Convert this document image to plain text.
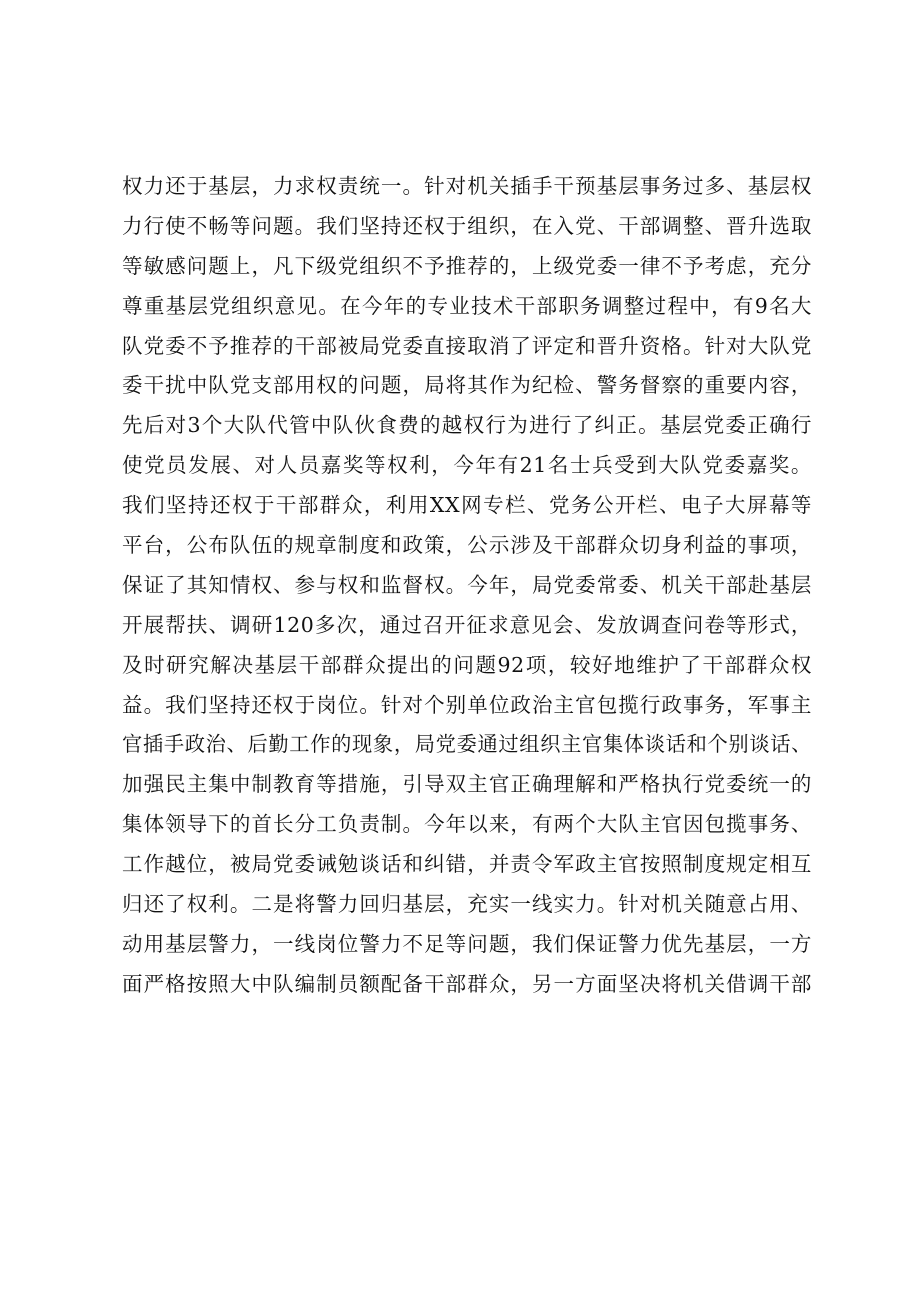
权力还于基层，力求权责统一。针对机关插手干预基层事务过多、基层权
力行使不畅等问题。我们坚持还权于组织，在入党、干部调整、晋升选取
等敏感问题上，凡下级党组织不予推荐的，上级党委一律不予考虑，充分
尊重基层党组织意见。在今年的专业技术干部职务调整过程中，有9名大
队党委不予推荐的干部被局党委直接取消了评定和晋升资格。针对大队党
委干扰中队党支部用权的问题，局将其作为纪检、警务督察的重要内容，
先后对3个大队代管中队伙食费的越权行为进行了纠正。基层党委正确行
使党员发展、对人员嘉奖等权利，今年有21名士兵受到大队党委嘉奖。
我们坚持还权于干部群众，利用XX网专栏、党务公开栏、电子大屏幕等
平台，公布队伍的规章制度和政策，公示涉及干部群众切身利益的事项，
保证了其知情权、参与权和监督权。今年，局党委常委、机关干部赴基层
开展帮扶、调研120多次，通过召开征求意见会、发放调查问卷等形式，
及时研究解决基层干部群众提出的问题92项，较好地维护了干部群众权
益。我们坚持还权于岗位。针对个别单位政治主官包揽行政事务，军事主
官插手政治、后勤工作的现象，局党委通过组织主官集体谈话和个别谈话、
加强民主集中制教育等措施，引导双主官正确理解和严格执行党委统一的
集体领导下的首长分工负责制。今年以来，有两个大队主官因包揽事务、
工作越位，被局党委诫勉谈话和纠错，并责令军政主官按照制度规定相互
归还了权利。二是将警力回归基层，充实一线实力。针对机关随意占用、
动用基层警力，一线岗位警力不足等问题，我们保证警力优先基层，一方
面严格按照大中队编制员额配备干部群众，另一方面坚决将机关借调干部
